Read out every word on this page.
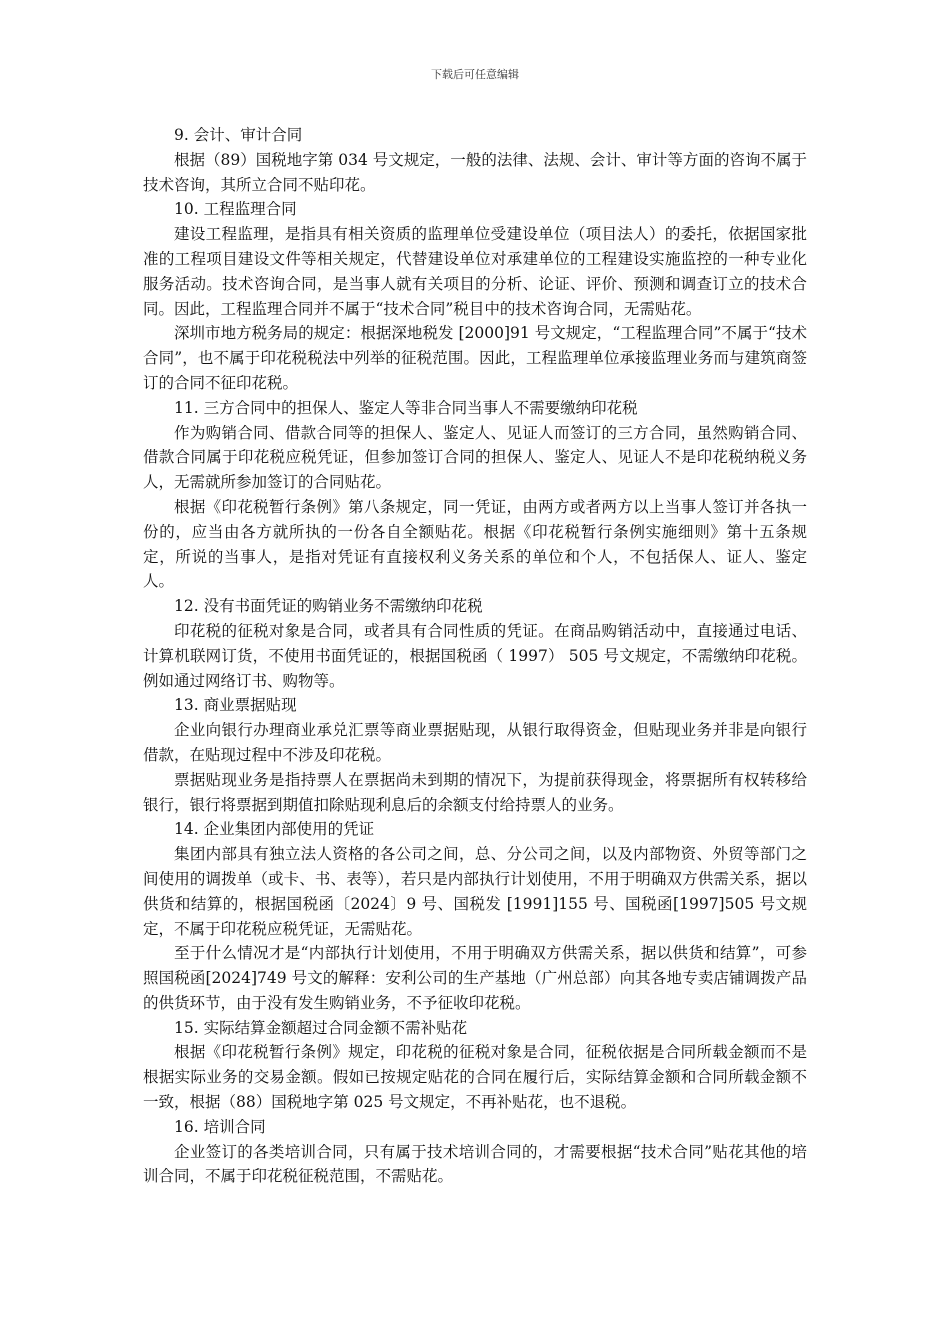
下载后可任意编辑

9. 会计、审计合同

根据（89）国税地字第 034 号文规定，一般的法律、法规、会计、审计等方面的咨询不属于技术咨询，其所立合同不贴印花。

10. 工程监理合同

建设工程监理，是指具有相关资质的监理单位受建设单位（项目法人）的委托，依据国家批准的工程项目建设文件等相关规定，代替建设单位对承建单位的工程建设实施监控的一种专业化服务活动。技术咨询合同，是当事人就有关项目的分析、论证、评价、预测和调查订立的技术合同。因此，工程监理合同并不属于“技术合同”税目中的技术咨询合同，无需贴花。

深圳市地方税务局的规定：根据深地税发 [2000]91 号文规定，“工程监理合同”不属于“技术合同”，也不属于印花税税法中列举的征税范围。因此，工程监理单位承接监理业务而与建筑商签订的合同不征印花税。

11. 三方合同中的担保人、鉴定人等非合同当事人不需要缴纳印花税

作为购销合同、借款合同等的担保人、鉴定人、见证人而签订的三方合同，虽然购销合同、借款合同属于印花税应税凭证，但参加签订合同的担保人、鉴定人、见证人不是印花税纳税义务人，无需就所参加签订的合同贴花。

根据《印花税暂行条例》第八条规定，同一凭证，由两方或者两方以上当事人签订并各执一份的，应当由各方就所执的一份各自全额贴花。根据《印花税暂行条例实施细则》第十五条规定，所说的当事人，是指对凭证有直接权利义务关系的单位和个人，不包括保人、证人、鉴定人。

12. 没有书面凭证的购销业务不需缴纳印花税

印花税的征税对象是合同，或者具有合同性质的凭证。在商品购销活动中，直接通过电话、计算机联网订货，不使用书面凭证的，根据国税函（ 1997） 505 号文规定，不需缴纳印花税。例如通过网络订书、购物等。

13. 商业票据贴现

企业向银行办理商业承兑汇票等商业票据贴现，从银行取得资金，但贴现业务并非是向银行借款，在贴现过程中不涉及印花税。

票据贴现业务是指持票人在票据尚未到期的情况下，为提前获得现金，将票据所有权转移给银行，银行将票据到期值扣除贴现利息后的余额支付给持票人的业务。

14. 企业集团内部使用的凭证

集团内部具有独立法人资格的各公司之间，总、分公司之间，以及内部物资、外贸等部门之间使用的调拨单（或卡、书、表等），若只是内部执行计划使用，不用于明确双方供需关系，据以供货和结算的，根据国税函〔2024〕9 号、国税发 [1991]155 号、国税函[1997]505 号文规定，不属于印花税应税凭证，无需贴花。

至于什么情况才是“内部执行计划使用，不用于明确双方供需关系，据以供货和结算”，可参照国税函[2024]749 号文的解释：安利公司的生产基地（广州总部）向其各地专卖店铺调拨产品的供货环节，由于没有发生购销业务，不予征收印花税。

15. 实际结算金额超过合同金额不需补贴花

根据《印花税暂行条例》规定，印花税的征税对象是合同，征税依据是合同所载金额而不是根据实际业务的交易金额。假如已按规定贴花的合同在履行后，实际结算金额和合同所载金额不一致，根据（88）国税地字第 025 号文规定，不再补贴花，也不退税。

16. 培训合同

企业签订的各类培训合同，只有属于技术培训合同的，才需要根据“技术合同”贴花其他的培训合同，不属于印花税征税范围，不需贴花。
